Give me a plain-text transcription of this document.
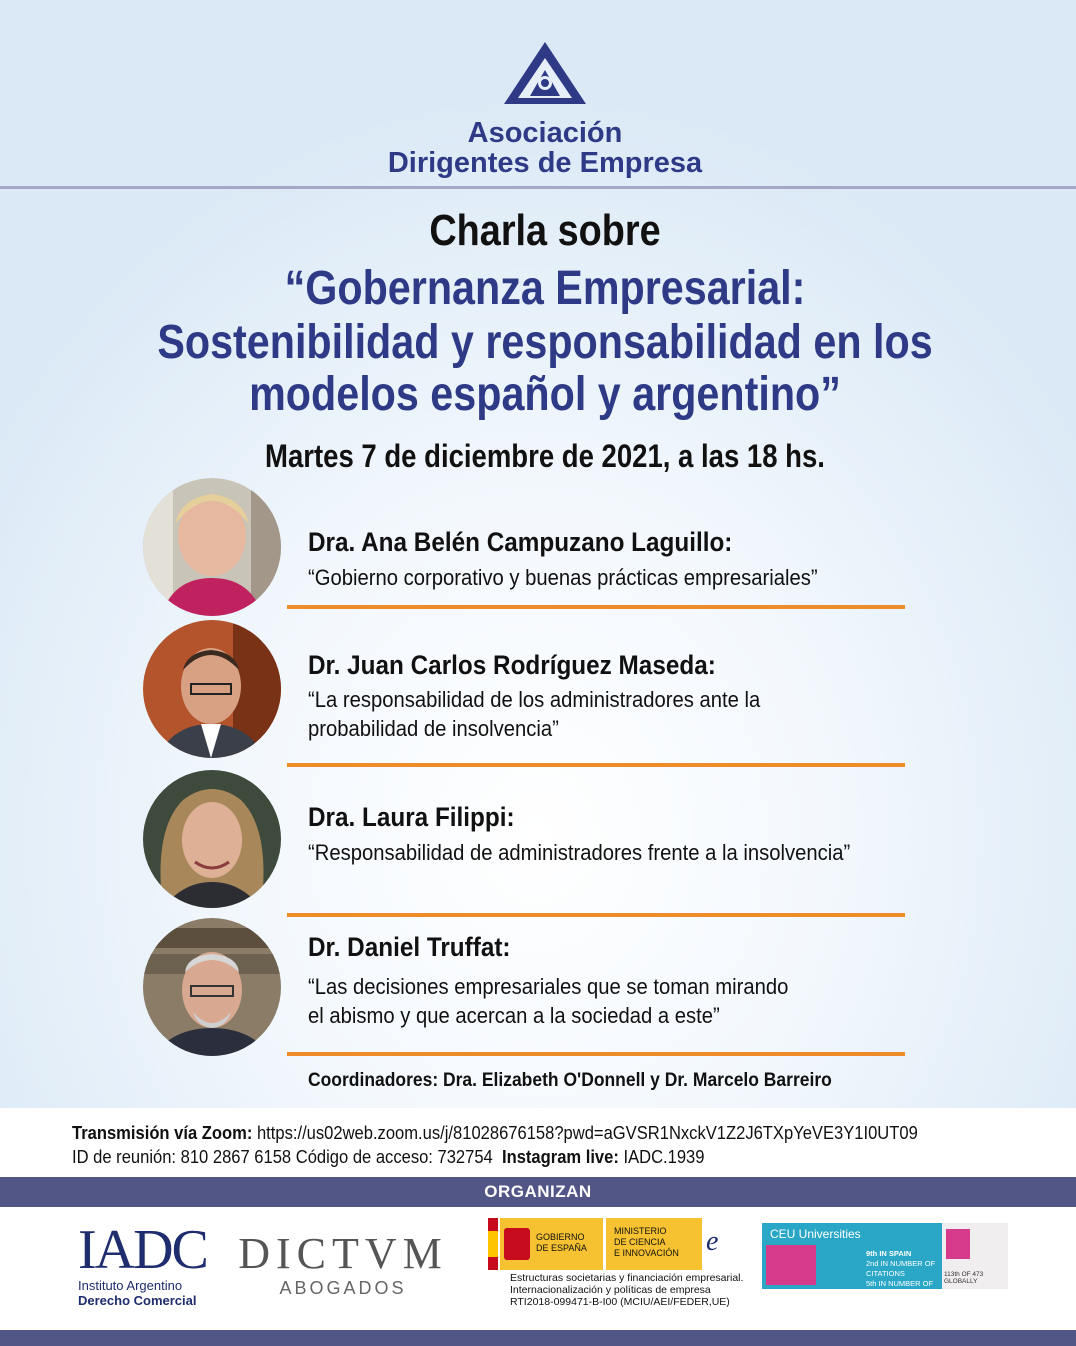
Asociación
Dirigentes de Empresa
Charla sobre
“Gobernanza Empresarial:
Sostenibilidad y responsabilidad en los
modelos español y argentino”
Martes 7 de diciembre de 2021, a las 18 hs.
Dra. Ana Belén Campuzano Laguillo:
“Gobierno corporativo y buenas prácticas empresariales”
Dr. Juan Carlos Rodríguez Maseda:
“La responsabilidad de los administradores ante la
probabilidad de insolvencia”
Dra. Laura Filippi:
“Responsabilidad de administradores frente a la insolvencia”
Dr. Daniel Truffat:
“Las decisiones empresariales que se toman mirando
el abismo y que acercan a la sociedad a este”
Coordinadores: Dra. Elizabeth O'Donnell y Dr. Marcelo Barreiro
Transmisión vía Zoom: https://us02web.zoom.us/j/81028676158?pwd=aGVSR1NxckV1Z2J6TXpYeVE3Y1I0UT09
ID de reunión: 810 2867 6158 Código de acceso: 732754 Instagram live: IADC.1939
ORGANIZAN
IADC
Instituto Argentino
Derecho Comercial
DICTVM
ABOGADOS
GOBIERNO
DE ESPAÑA
MINISTERIO
DE CIENCIA
E INNOVACIÓN e
Estructuras societarias y financiación empresarial.
Internacionalización y políticas de empresa
RTI2018-099471-B-I00 (MCIU/AEI/FEDER,UE)
CEU Universities
9th IN SPAIN
2nd IN NUMBER OF CITATIONS
5th IN NUMBER OF INTERNATIONAL STUDENTS
113th OF 473 GLOBALLY
